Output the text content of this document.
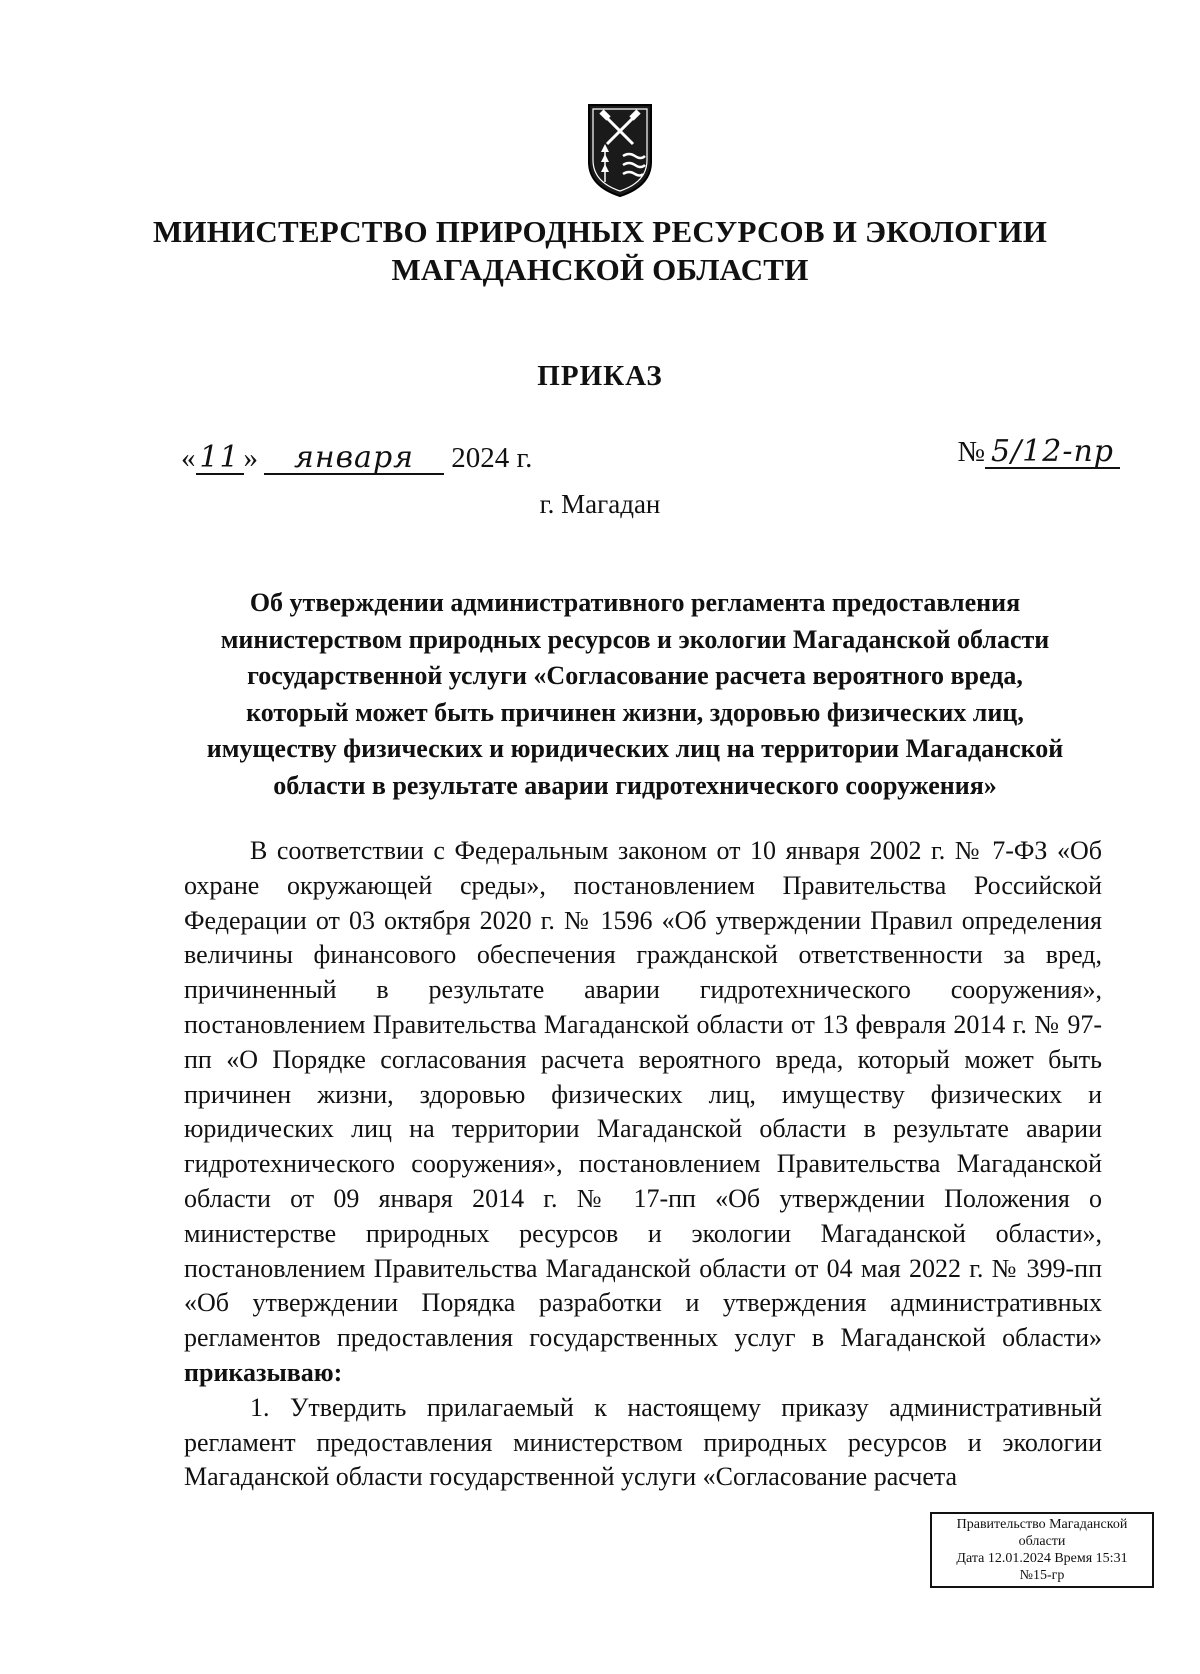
МИНИСТЕРСТВО ПРИРОДНЫХ РЕСУРСОВ И ЭКОЛОГИИ
МАГАДАНСКОЙ ОБЛАСТИ
ПРИКАЗ
« 11 » января 2024 г.	№ 5/12-пр
г. Магадан
Об утверждении административного регламента предоставления
министерством природных ресурсов и экологии Магаданской области
государственной услуги «Согласование расчета вероятного вреда,
который может быть причинен жизни, здоровью физических лиц,
имуществу физических и юридических лиц на территории Магаданской
области в результате аварии гидротехнического сооружения»

В соответствии с Федеральным законом от 10 января 2002 г. № 7-ФЗ «Об охране окружающей среды», постановлением Правительства Российской Федерации от 03 октября 2020 г. № 1596 «Об утверждении Правил определения величины финансового обеспечения гражданской ответственности за вред, причиненный в результате аварии гидротехнического сооружения», постановлением Правительства Магаданской области от 13 февраля 2014 г. № 97-пп «О Порядке согласования расчета вероятного вреда, который может быть причинен жизни, здоровью физических лиц, имуществу физических и юридических лиц на территории Магаданской области в результате аварии гидротехнического сооружения», постановлением Правительства Магаданской области от 09 января 2014 г. № 17-пп «Об утверждении Положения о министерстве природных ресурсов и экологии Магаданской области», постановлением Правительства Магаданской области от 04 мая 2022 г. № 399-пп «Об утверждении Порядка разработки и утверждения административных регламентов предоставления государственных услуг в Магаданской области» приказываю:

1. Утвердить прилагаемый к настоящему приказу административный регламент предоставления министерством природных ресурсов и экологии Магаданской области государственной услуги «Согласование расчета

Правительство Магаданской
области
Дата 12.01.2024 Время 15:31
№15-гр
